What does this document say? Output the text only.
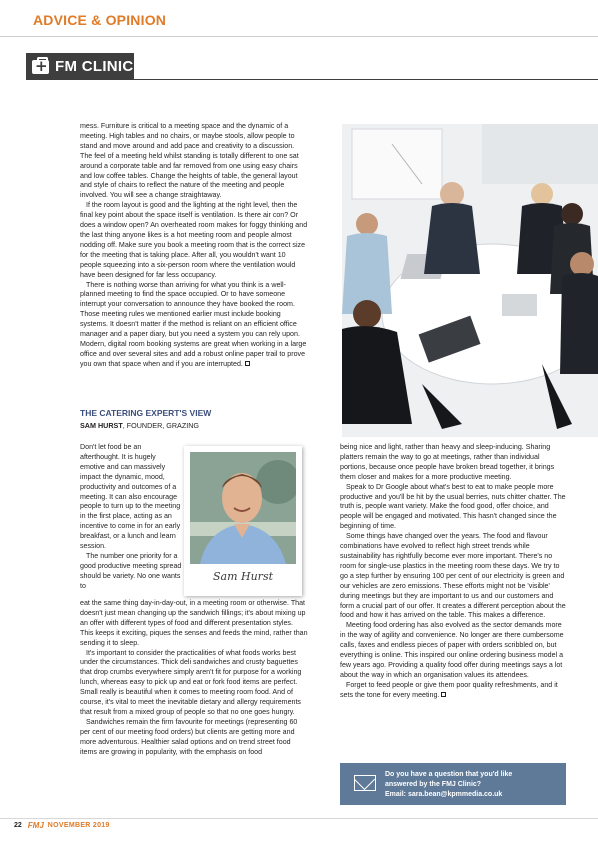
ADVICE & OPINION
+
FM CLINIC

mess. Furniture is critical to a meeting space and the dynamic of a meeting. High tables and no chairs, or maybe stools, allow people to stand and move around and add pace and creativity to a discussion. The feel of a meeting held whilst standing is totally different to one sat around a corporate table and far removed from one using easy chairs and low coffee tables. Change the heights of table, the general layout and style of chairs to reflect the nature of the meeting and people involved. You will see a change straightaway.

If the room layout is good and the lighting at the right level, then the final key point about the space itself is ventilation. Is there air con? Or does a window open? An overheated room makes for foggy thinking and the last thing anyone likes is a hot meeting room and people almost nodding off. Make sure you book a meeting room that is the correct size for the meeting that is taking place. After all, you wouldn't want 10 people squeezing into a six-person room where the ventilation would have been designed for far less occupancy.

There is nothing worse than arriving for what you think is a well-planned meeting to find the space occupied. Or to have someone interrupt your conversation to announce they have booked the room. Those meeting rules we mentioned earlier must include booking systems. It doesn't matter if the method is reliant on an efficient office manager and a paper diary, but you need a system you can rely upon. Modern, digital room booking systems are great when working in a large office and over several sites and add a robust online paper trail to prove you own that space when and if you are interrupted.

THE CATERING EXPERT'S VIEW
SAM HURST, FOUNDER, GRAZING

Don't let food be an afterthought. It is hugely emotive and can massively impact the dynamic, mood, productivity and outcomes of a meeting. It can also encourage people to turn up to the meeting in the first place, acting as an incentive to come in for an early breakfast, or a lunch and learn session.

The number one priority for a good productive meeting spread should be variety. No one wants to

Sam Hurst

eat the same thing day-in-day-out, in a meeting room or otherwise. That doesn't just mean changing up the sandwich fillings; it's about mixing up an offer with different types of food and different presentation styles. This keeps it exciting, piques the senses and feeds the mind, rather than sending it to sleep.

It's important to consider the practicalities of what foods works best under the circumstances. Thick deli sandwiches and crusty baguettes that drop crumbs everywhere simply aren't fit for purpose for a working lunch, whereas easy to pick up and eat or fork food items are perfect. Small really is beautiful when it comes to meeting room food. And of course, it's vital to meet the inevitable dietary and allergy requirements that result from a mixed group of people so that no one goes hungry.

Sandwiches remain the firm favourite for meetings (representing 60 per cent of our meeting food orders) but clients are getting more and more adventurous. Healthier salad options and on trend street food items are growing in popularity, with the emphasis on food

being nice and light, rather than heavy and sleep-inducing. Sharing platters remain the way to go at meetings, rather than individual portions, because once people have broken bread together, it brings them closer and makes for a more productive meeting.

Speak to Dr Google about what's best to eat to make people more productive and you'll be hit by the usual berries, nuts chitter chatter. The truth is, people want variety. Make the food good, offer choice, and people will be engaged and motivated. This hasn't changed since the beginning of time.

Some things have changed over the years. The food and flavour combinations have evolved to reflect high street trends while sustainability has rightfully become ever more important. There's no room for single-use plastics in the meeting room these days. We try to go a step further by ensuring 100 per cent of our electricity is green and our vehicles are zero emissions. These efforts might not be 'visible' during meetings but they are important to us and our customers and form a crucial part of our offer. It creates a different perception about the food and how it has arrived on the table. This makes a difference.

Meeting food ordering has also evolved as the sector demands more in the way of agility and convenience. No longer are there cumbersome calls, faxes and endless pieces of paper with orders scribbled on, but everything is online. This inspired our online ordering business model a few years ago. Providing a quality food offer during meetings says a lot about the way in which an organisation values its attendees.

Forget to feed people or give them poor quality refreshments, and it sets the tone for every meeting.

Do you have a question that you'd like
answered by the FMJ Clinic?
Email: sara.bean@kpmmedia.co.uk
22 FMJ NOVEMBER 2019
